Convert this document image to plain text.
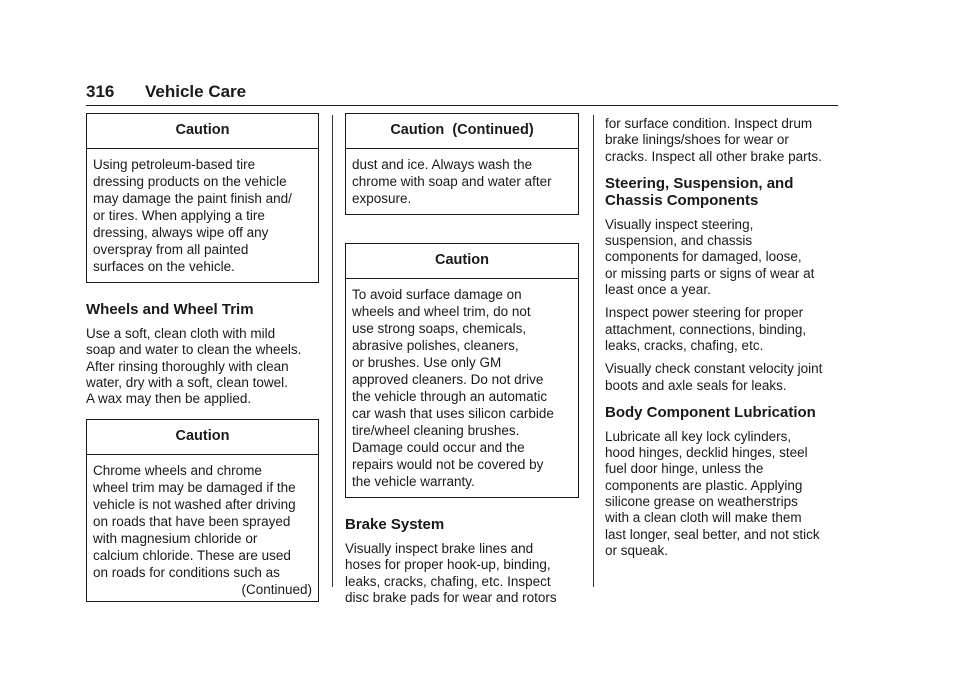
316	Vehicle Care
Caution

Using petroleum-based tire

dressing products on the vehicle

may damage the paint finish and/

or tires. When applying a tire

dressing, always wipe off any

overspray from all painted

surfaces on the vehicle.

Wheels and Wheel Trim
Use a soft, clean cloth with mild
soap and water to clean the wheels.
After rinsing thoroughly with clean
water, dry with a soft, clean towel.
A wax may then be applied.
Caution

Chrome wheels and chrome

wheel trim may be damaged if the

vehicle is not washed after driving

on roads that have been sprayed

with magnesium chloride or

calcium chloride. These are used

on roads for conditions such as

(Continued)

Caution  (Continued)

dust and ice. Always wash the

chrome with soap and water after

exposure.

Caution

To avoid surface damage on

wheels and wheel trim, do not

use strong soaps, chemicals,

abrasive polishes, cleaners,

or brushes. Use only GM

approved cleaners. Do not drive

the vehicle through an automatic

car wash that uses silicon carbide

tire/wheel cleaning brushes.

Damage could occur and the

repairs would not be covered by

the vehicle warranty.

Brake System
Visually inspect brake lines and
hoses for proper hook-up, binding,
leaks, cracks, chafing, etc. Inspect
disc brake pads for wear and rotors
for surface condition. Inspect drum
brake linings/shoes for wear or
cracks. Inspect all other brake parts.
Steering, Suspension, and
Chassis Components
Visually inspect steering,
suspension, and chassis
components for damaged, loose,
or missing parts or signs of wear at
least once a year.
Inspect power steering for proper
attachment, connections, binding,
leaks, cracks, chafing, etc.
Visually check constant velocity joint
boots and axle seals for leaks.
Body Component Lubrication
Lubricate all key lock cylinders,
hood hinges, decklid hinges, steel
fuel door hinge, unless the
components are plastic. Applying
silicone grease on weatherstrips
with a clean cloth will make them
last longer, seal better, and not stick
or squeak.
